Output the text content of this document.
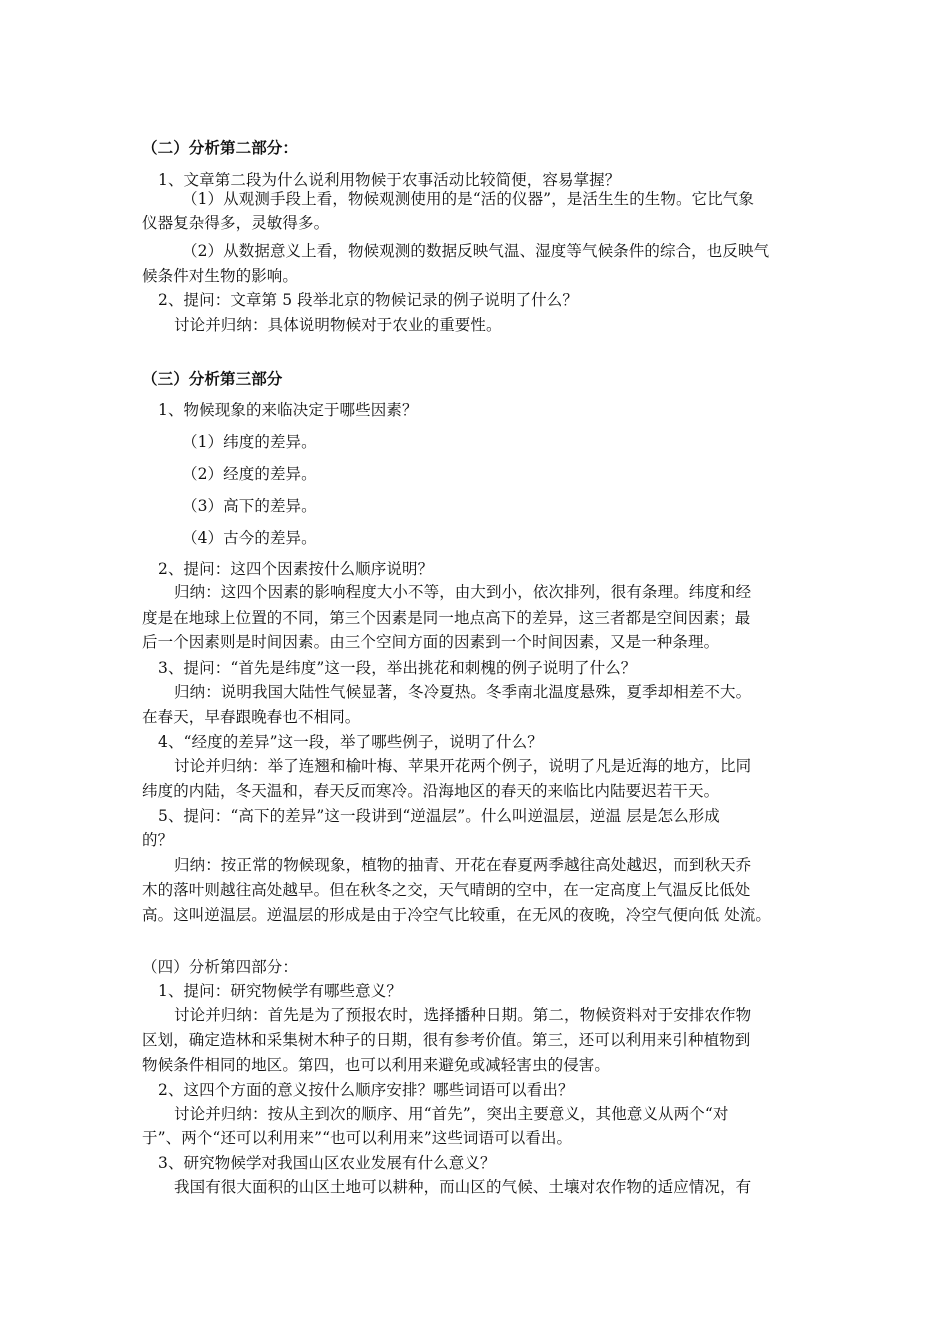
（二）分析第二部分：
1、文章第二段为什么说利用物候于农事活动比较简便，容易掌握？
（1）从观测手段上看，物候观测使用的是“活的仪器”，是活生生的生物。它比气象
仪器复杂得多，灵敏得多。
（2）从数据意义上看，物候观测的数据反映气温、湿度等气候条件的综合，也反映气
候条件对生物的影响。
2、提问：文章第 5 段举北京的物候记录的例子说明了什么？
讨论并归纳：具体说明物候对于农业的重要性。
（三）分析第三部分
1、物候现象的来临决定于哪些因素？
（1）纬度的差异。
（2）经度的差异。
（3）高下的差异。
（4）古今的差异。
2、提问：这四个因素按什么顺序说明？
归纳：这四个因素的影响程度大小不等，由大到小，依次排列，很有条理。纬度和经
度是在地球上位置的不同，第三个因素是同一地点高下的差异，这三者都是空间因素；最
后一个因素则是时间因素。由三个空间方面的因素到一个时间因素，又是一种条理。
3、提问：“首先是纬度”这一段，举出挑花和刺槐的例子说明了什么？
归纳：说明我国大陆性气候显著，冬冷夏热。冬季南北温度悬殊，夏季却相差不大。
在春天，早春跟晚春也不相同。
4、“经度的差异”这一段，举了哪些例子，说明了什么？
讨论并归纳：举了连翘和榆叶梅、苹果开花两个例子，说明了凡是近海的地方，比同
纬度的内陆，冬天温和，春天反而寒冷。沿海地区的春天的来临比内陆要迟若干天。
5、提问：“高下的差异”这一段讲到“逆温层”。什么叫逆温层，逆温 层是怎么形成
的？
归纳：按正常的物候现象，植物的抽青、开花在春夏两季越往高处越迟，而到秋天乔
木的落叶则越往高处越早。但在秋冬之交，天气晴朗的空中，在一定高度上气温反比低处
高。这叫逆温层。逆温层的形成是由于冷空气比较重，在无风的夜晚，冷空气便向低 处流。
（四）分析第四部分：
1、提问：研究物候学有哪些意义？
讨论并归纳：首先是为了预报农时，选择播种日期。第二，物候资料对于安排农作物
区划，确定造林和采集树木种子的日期，很有参考价值。第三，还可以利用来引种植物到
物候条件相同的地区。第四，也可以利用来避免或减轻害虫的侵害。
2、这四个方面的意义按什么顺序安排？哪些词语可以看出？
讨论并归纳：按从主到次的顺序、用“首先”，突出主要意义，其他意义从两个“对
于”、两个“还可以利用来”“也可以利用来”这些词语可以看出。
3、研究物候学对我国山区农业发展有什么意义？
我国有很大面积的山区土地可以耕种，而山区的气候、土壤对农作物的适应情况，有
